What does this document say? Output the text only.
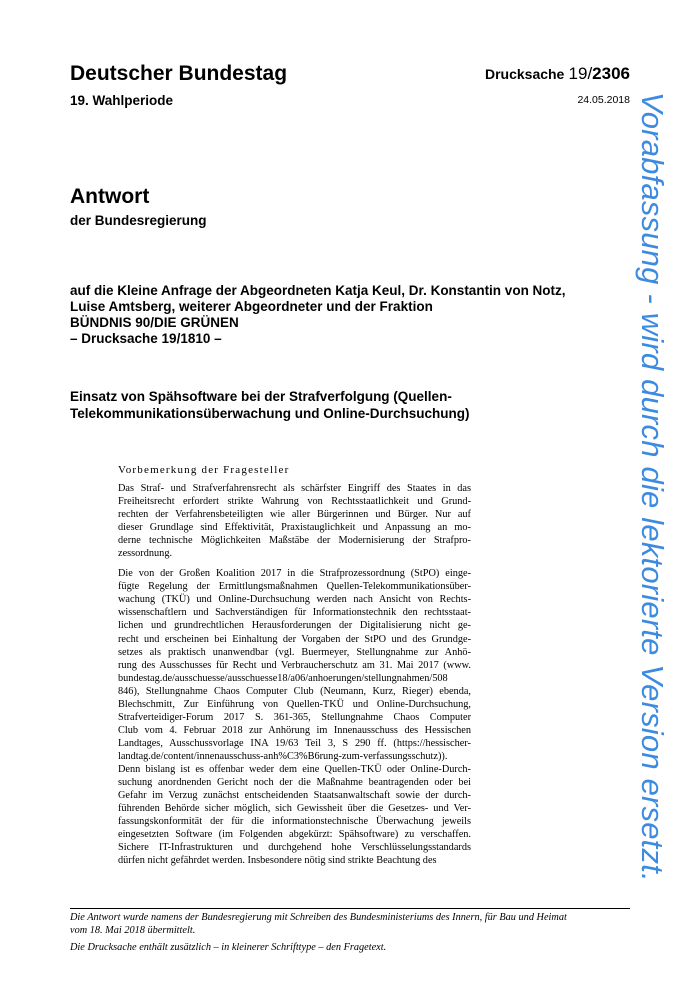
Deutscher Bundestag
19. Wahlperiode
Drucksache 19/2306
24.05.2018
Antwort
der Bundesregierung
auf die Kleine Anfrage der Abgeordneten Katja Keul, Dr. Konstantin von Notz,
Luise Amtsberg, weiterer Abgeordneter und der Fraktion
BÜNDNIS 90/DIE GRÜNEN
– Drucksache 19/1810 –
Einsatz von Spähsoftware bei der Strafverfolgung (Quellen-
Telekommunikationsüberwachung und Online-Durchsuchung)
Vorbemerkung der Fragesteller

Das Straf- und Strafverfahrensrecht als schärfster Eingriff des Staates in das
Freiheitsrecht erfordert strikte Wahrung von Rechtsstaatlichkeit und Grund-
rechten der Verfahrensbeteiligten wie aller Bürgerinnen und Bürger. Nur auf
dieser Grundlage sind Effektivität, Praxistauglichkeit und Anpassung an mo-
derne technische Möglichkeiten Maßstäbe der Modernisierung der Strafpro-
zessordnung.

Die von der Großen Koalition 2017 in die Strafprozessordnung (StPO) einge-
fügte Regelung der Ermittlungsmaßnahmen Quellen-Telekommunikationsüber-
wachung (TKÜ) und Online-Durchsuchung werden nach Ansicht von Rechts-
wissenschaftlern und Sachverständigen für Informationstechnik den rechtsstaat-
lichen und grundrechtlichen Herausforderungen der Digitalisierung nicht ge-
recht und erscheinen bei Einhaltung der Vorgaben der StPO und des Grundge-
setzes als praktisch unanwendbar (vgl. Buermeyer, Stellungnahme zur Anhö-
rung des Ausschusses für Recht und Verbraucherschutz am 31. Mai 2017 (www.
bundestag.de/ausschuesse/ausschuesse18/a06/anhoerungen/stellungnahmen/508
846), Stellungnahme Chaos Computer Club (Neumann, Kurz, Rieger) ebenda,
Blechschmitt, Zur Einführung von Quellen-TKÜ und Online-Durchsuchung,
Strafverteidiger-Forum 2017 S. 361-365, Stellungnahme Chaos Computer
Club vom 4. Februar 2018 zur Anhörung im Innenausschuss des Hessischen
Landtages, Ausschussvorlage INA 19/63 Teil 3, S 290 ff. (https://hessischer-
landtag.de/content/innenausschuss-anh%C3%B6rung-zum-verfassungsschutz)).
Denn bislang ist es offenbar weder dem eine Quellen-TKÜ oder Online-Durch-
suchung anordnenden Gericht noch der die Maßnahme beantragenden oder bei
Gefahr im Verzug zunächst entscheidenden Staatsanwaltschaft sowie der durch-
führenden Behörde sicher möglich, sich Gewissheit über die Gesetzes- und Ver-
fassungskonformität der für die informationstechnische Überwachung jeweils
eingesetzten Software (im Folgenden abgekürzt: Spähsoftware) zu verschaffen.
Sichere IT-Infrastrukturen und durchgehend hohe Verschlüsselungsstandards
dürfen nicht gefährdet werden. Insbesondere nötig sind strikte Beachtung des

Die Antwort wurde namens der Bundesregierung mit Schreiben des Bundesministeriums des Innern, für Bau und Heimat
vom 18. Mai 2018 übermittelt.

Die Drucksache enthält zusätzlich – in kleinerer Schrifttype – den Fragetext.

Vorabfassung - wird durch die lektorierte Version ersetzt.
